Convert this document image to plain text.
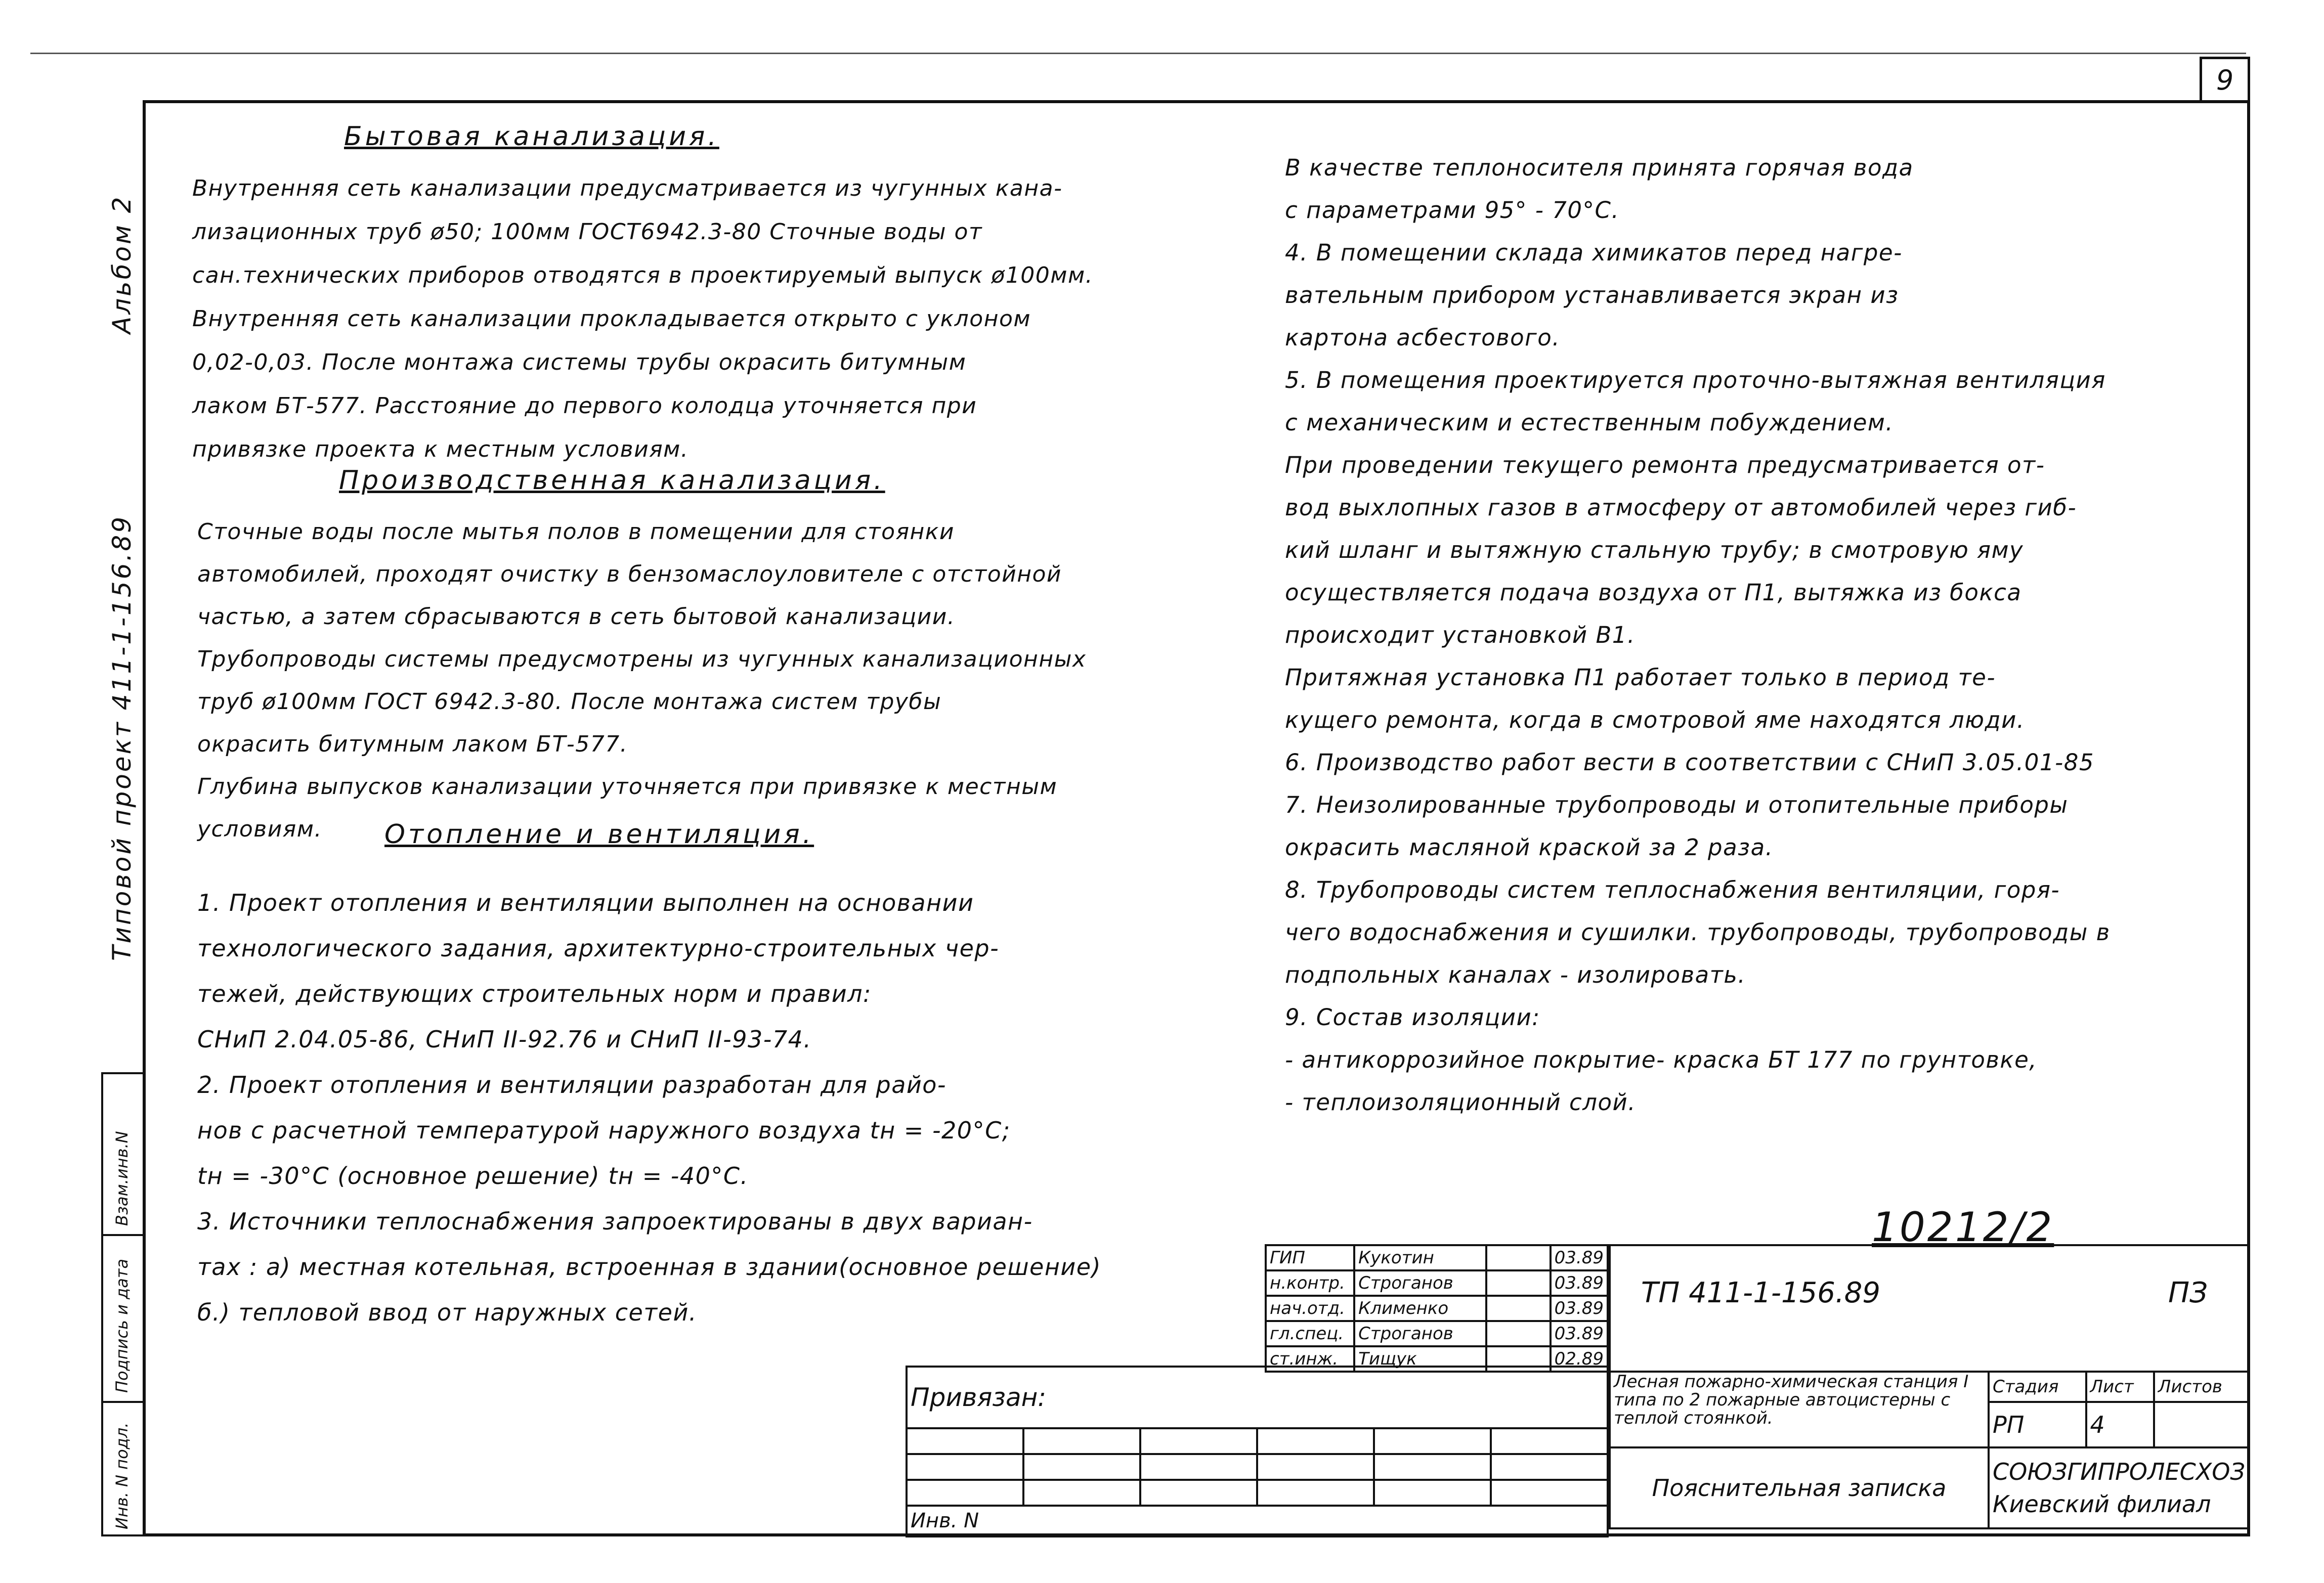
9
Альбом 2
Типовой проект 411-1-156.89
Взам.инв.N
Подпись и дата
Инв. N подл.
Бытовая канализация.
Внутренняя сеть канализации предусматривается из чугунных кана-
лизационных труб ø50; 100мм ГОСТ6942.3-80 Сточные воды от
сан.технических приборов отводятся в проектируемый выпуск ø100мм.
Внутренняя сеть канализации прокладывается открыто с уклоном
0,02-0,03. После монтажа системы трубы окрасить битумным
лаком БТ-577. Расстояние до первого колодца уточняется при
привязке проекта к местным условиям.
Производственная канализация.
Сточные воды после мытья полов в помещении для стоянки
автомобилей, проходят очистку в бензомаслоуловителе с отстойной
частью, а затем сбрасываются в сеть бытовой канализации.
Трубопроводы системы предусмотрены из чугунных канализационных
труб ø100мм ГОСТ 6942.3-80. После монтажа систем трубы
окрасить битумным лаком БТ-577.
Глубина выпусков канализации уточняется при привязке к местным
условиям.	Отопление и вентиляция.
1. Проект отопления и вентиляции выполнен на основании
технологического задания, архитектурно-строительных чер-
тежей, действующих строительных норм и правил:
СНиП 2.04.05-86, СНиП II-92.76 и СНиП II-93-74.
2. Проект отопления и вентиляции разработан для райо-
нов с расчетной температурой наружного воздуха tн = -20°С;
tн = -30°С (основное решение) tн = -40°С.
3. Источники теплоснабжения запроектированы в двух вариан-
тах : а) местная котельная, встроенная в здании(основное решение)
б.) тепловой ввод от наружных сетей.
В качестве теплоносителя принята горячая вода
с параметрами 95° - 70°С.
4. В помещении склада химикатов перед нагре-
вательным прибором устанавливается экран из
картона асбестового.
5. В помещения проектируется проточно-вытяжная вентиляция
с механическим и естественным побуждением.
При проведении текущего ремонта предусматривается от-
вод выхлопных газов в атмосферу от автомобилей через гиб-
кий шланг и вытяжную стальную трубу; в смотровую яму
осуществляется подача воздуха от П1, вытяжка из бокса
происходит установкой В1.
Притяжная установка П1 работает только в период те-
кущего ремонта, когда в смотровой яме находятся люди.
6. Производство работ вести в соответствии с СНиП 3.05.01-85
7. Неизолированные трубопроводы и отопительные приборы
окрасить масляной краской за 2 раза.
8. Трубопроводы систем теплоснабжения вентиляции, горя-
чего водоснабжения и сушилки. трубопроводы, трубопроводы в
подпольных каналах - изолировать.
9. Состав изоляции:
- антикоррозийное покрытие- краска БТ 177 по грунтовке,
- теплоизоляционный слой.
10212/2
ГИП	Кукотин		03.89
н.контр.	Строганов		03.89
нач.отд.	Клименко		03.89
гл.спец.	Строганов		03.89
ст.инж.	Тищук		02.89
Привязан:					

Инв. N					
ТП 411-1-156.89 ПЗ			

Лесная пожарно-химическая станция I типа по 2 пожарные автоцистерны с теплой стоянкой.	Стадия	Лист	Листов
	РП	4	
Пояснительная записка	СОЮЗГИПРОЛЕСХОЗ
Киевский филиал		
